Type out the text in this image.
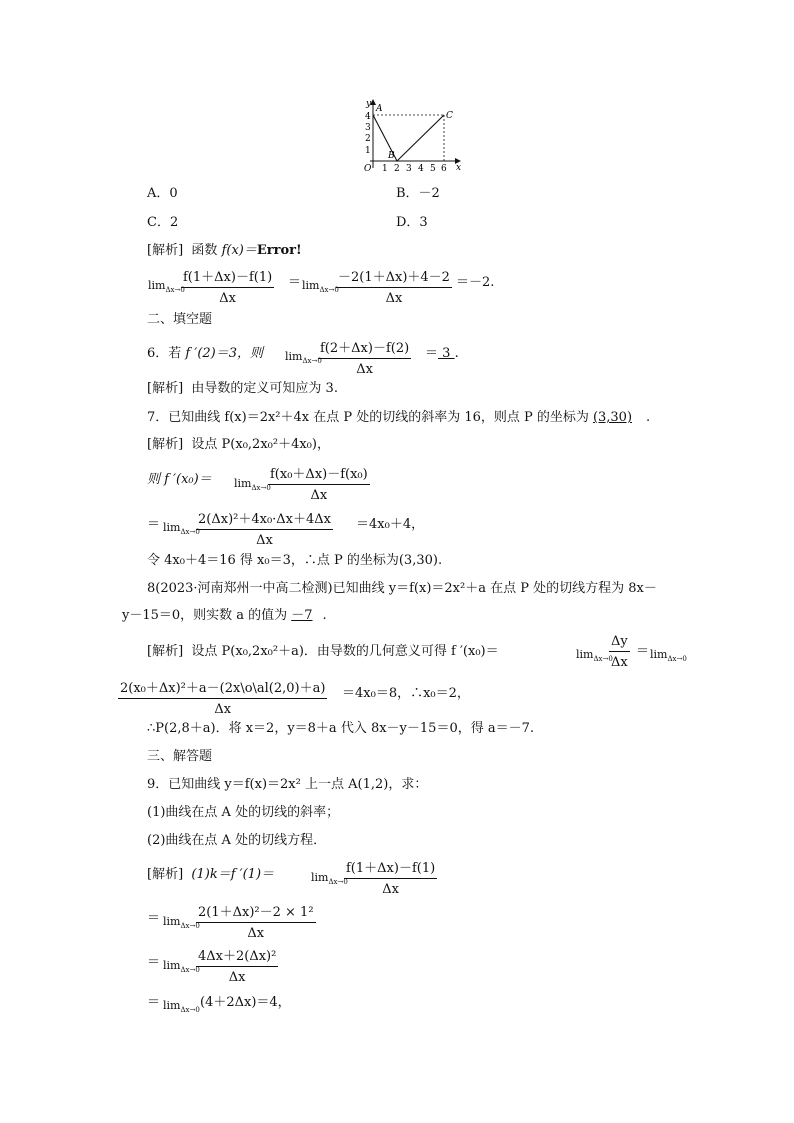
y
x
O
1
2
3
4
1 2 3 4 5 6
A
B
C
A．0	B．－2
C．2	D．3
[解析] 函数 f(x)＝Error!
$\lim_{\Delta x\to 0}$
$\frac{f(1+\Delta x)-f(1)}{\Delta x} = \lim_{\Delta x\to 0}$
$\frac{-2(1+\Delta x)+4-2}{\Delta x} =-2$.
二、填空题
6．若 f ′(2)＝3，则 $\lim_{\Delta x\to 0}$
$\frac{f(2+\Delta x)-f(2)}{\Delta x} = 3$ .
[解析] 由导数的定义可知应为 3.
7．已知曲线 f(x)＝2x²＋4x 在点 P 处的切线的斜率为 16，则点 P 的坐标为 (3,30) .
[解析] 设点 P(x₀,2x₀²＋4x₀)，
则 f $'(x_0)= \lim_{\Delta x\to 0}$
$\frac{\text{f(x₀＋Δx)－f(x₀)}}{\Delta x}$
＝ $\lim_{\Delta x\to 0}$
$\frac{\text{2(Δx)²＋4x₀·Δx＋4Δx}}{\Delta x} =4x_0+4$，
令 4x₀＋4＝16 得 x₀＝3，∴点 P 的坐标为(3,30).
8(2023·河南郑州一中高二检测)已知曲线 y＝f(x)＝2x²＋a 在点 P 处的切线方程为 8x－
y－15＝0，则实数 a 的值为 －7 .
[解析] 设点 P(x₀,2x₀²＋a)．由导数的几何意义可得 f ′(x₀)＝	$\lim_{\Delta x\to 0}$
$\frac{\Delta y}{\Delta x} = \lim_{\Delta x\to 0}$
$\frac{\text{2(x₀＋Δx)²＋a－(2x\textbackslash{}o\textbackslash{}al(2,0)＋a)}}{\Delta x} =4x_0=8$，∴x₀＝2，
∴P(2,8＋a)．将 x＝2，y＝8＋a 代入 8x－y－15＝0，得 a＝－7.
三、解答题
9．已知曲线 y＝f(x)＝2x² 上一点 A(1,2)，求：
(1)曲线在点 A 处的切线的斜率；
(2)曲线在点 A 处的切线方程．
[解析] (1)k＝f ′(1)＝	$\lim_{\Delta x\to 0}$
$\frac{f(1+\Delta x)-f(1)}{\Delta x}$
＝ $\lim_{\Delta x\to 0}$
$\frac{\text{2(1＋Δx)²－2 × 1²}}{\Delta x}$
＝ $\lim_{\Delta x\to 0}$
$\frac{\text{4Δx＋2(Δx)²}}{\Delta x}$
＝ $\lim_{\Delta x\to 0}$
(4＋2Δx)＝4，
